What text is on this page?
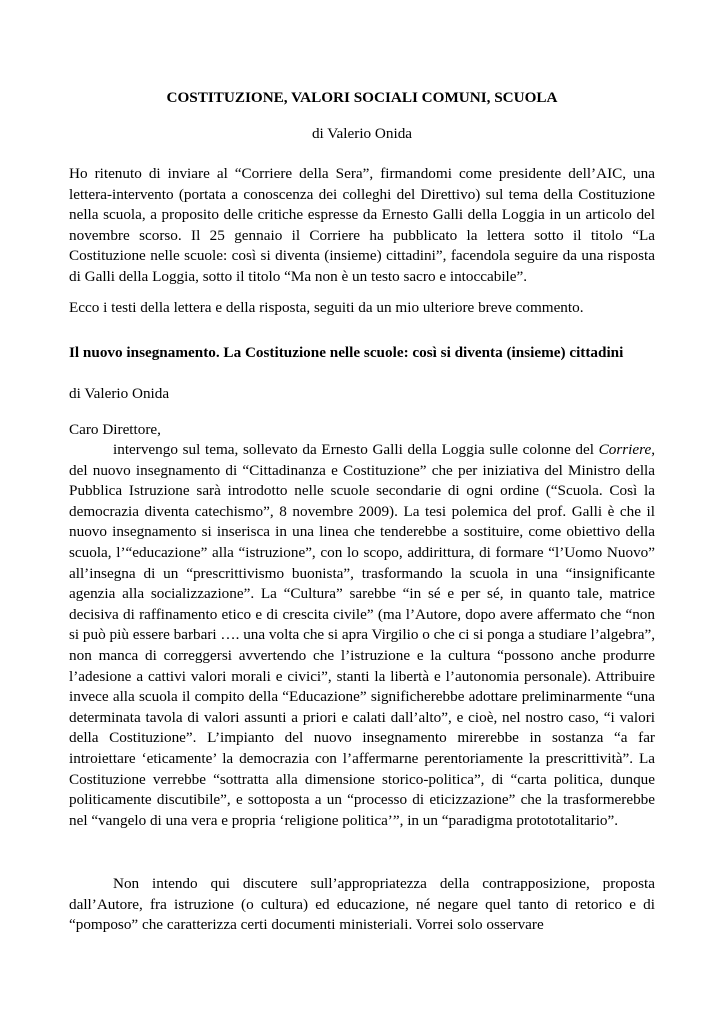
COSTITUZIONE, VALORI SOCIALI COMUNI, SCUOLA
di Valerio Onida

Ho ritenuto di inviare al “Corriere della Sera”, firmandomi come presidente dell’AIC, una lettera-intervento (portata a conoscenza dei colleghi del Direttivo) sul tema della Costituzione nella scuola, a proposito delle critiche espresse da Ernesto Galli della Loggia in un articolo del novembre scorso. Il 25 gennaio il Corriere ha pubblicato la lettera sotto il titolo “La Costituzione nelle scuole: così si diventa (insieme) cittadini”, facendola seguire da una risposta di Galli della Loggia, sotto il titolo “Ma non è un testo sacro e intoccabile”.

Ecco i testi della lettera e della risposta, seguiti da un mio ulteriore breve commento.

Il nuovo insegnamento. La Costituzione nelle scuole: così si diventa (insieme) cittadini

di Valerio Onida

Caro Direttore,

intervengo sul tema, sollevato da Ernesto Galli della Loggia sulle colonne del Corriere, del nuovo insegnamento di “Cittadinanza e Costituzione” che per iniziativa del Ministro della Pubblica Istruzione sarà introdotto nelle scuole secondarie di ogni ordine (“Scuola. Così la democrazia diventa catechismo”, 8 novembre 2009). La tesi polemica del prof. Galli è che il nuovo insegnamento si inserisca in una linea che tenderebbe a sostituire, come obiettivo della scuola, l’“educazione” alla “istruzione”, con lo scopo, addirittura, di formare “l’Uomo Nuovo” all’insegna di un “prescrittivismo buonista”, trasformando la scuola in una “insignificante agenzia alla socializzazione”. La “Cultura” sarebbe “in sé e per sé, in quanto tale, matrice decisiva di raffinamento etico e di crescita civile” (ma l’Autore, dopo avere affermato che “non si può più essere barbari …. una volta che si apra Virgilio o che ci si ponga a studiare l’algebra”, non manca di correggersi avvertendo che l’istruzione e la cultura “possono anche produrre l’adesione a cattivi valori morali e civici”, stanti la libertà e l’autonomia personale). Attribuire invece alla scuola il compito della “Educazione” significherebbe adottare preliminarmente “una determinata tavola di valori assunti a priori e calati dall’alto”, e cioè, nel nostro caso, “i valori della Costituzione”. L’impianto del nuovo insegnamento mirerebbe in sostanza “a far introiettare ‘eticamente’ la democrazia con l’affermarne perentoriamente la prescrittività”. La Costituzione verrebbe “sottratta alla dimensione storico-politica”, di “carta politica, dunque politicamente discutibile”, e sottoposta a un “processo di eticizzazione” che la trasformerebbe nel “vangelo di una vera e propria ‘religione politica’”, in un “paradigma protototalitario”.

Non intendo qui discutere sull’appropriatezza della contrapposizione, proposta dall’Autore, fra istruzione (o cultura) ed educazione, né negare quel tanto di retorico e di “pomposo” che caratterizza certi documenti ministeriali. Vorrei solo osservare
